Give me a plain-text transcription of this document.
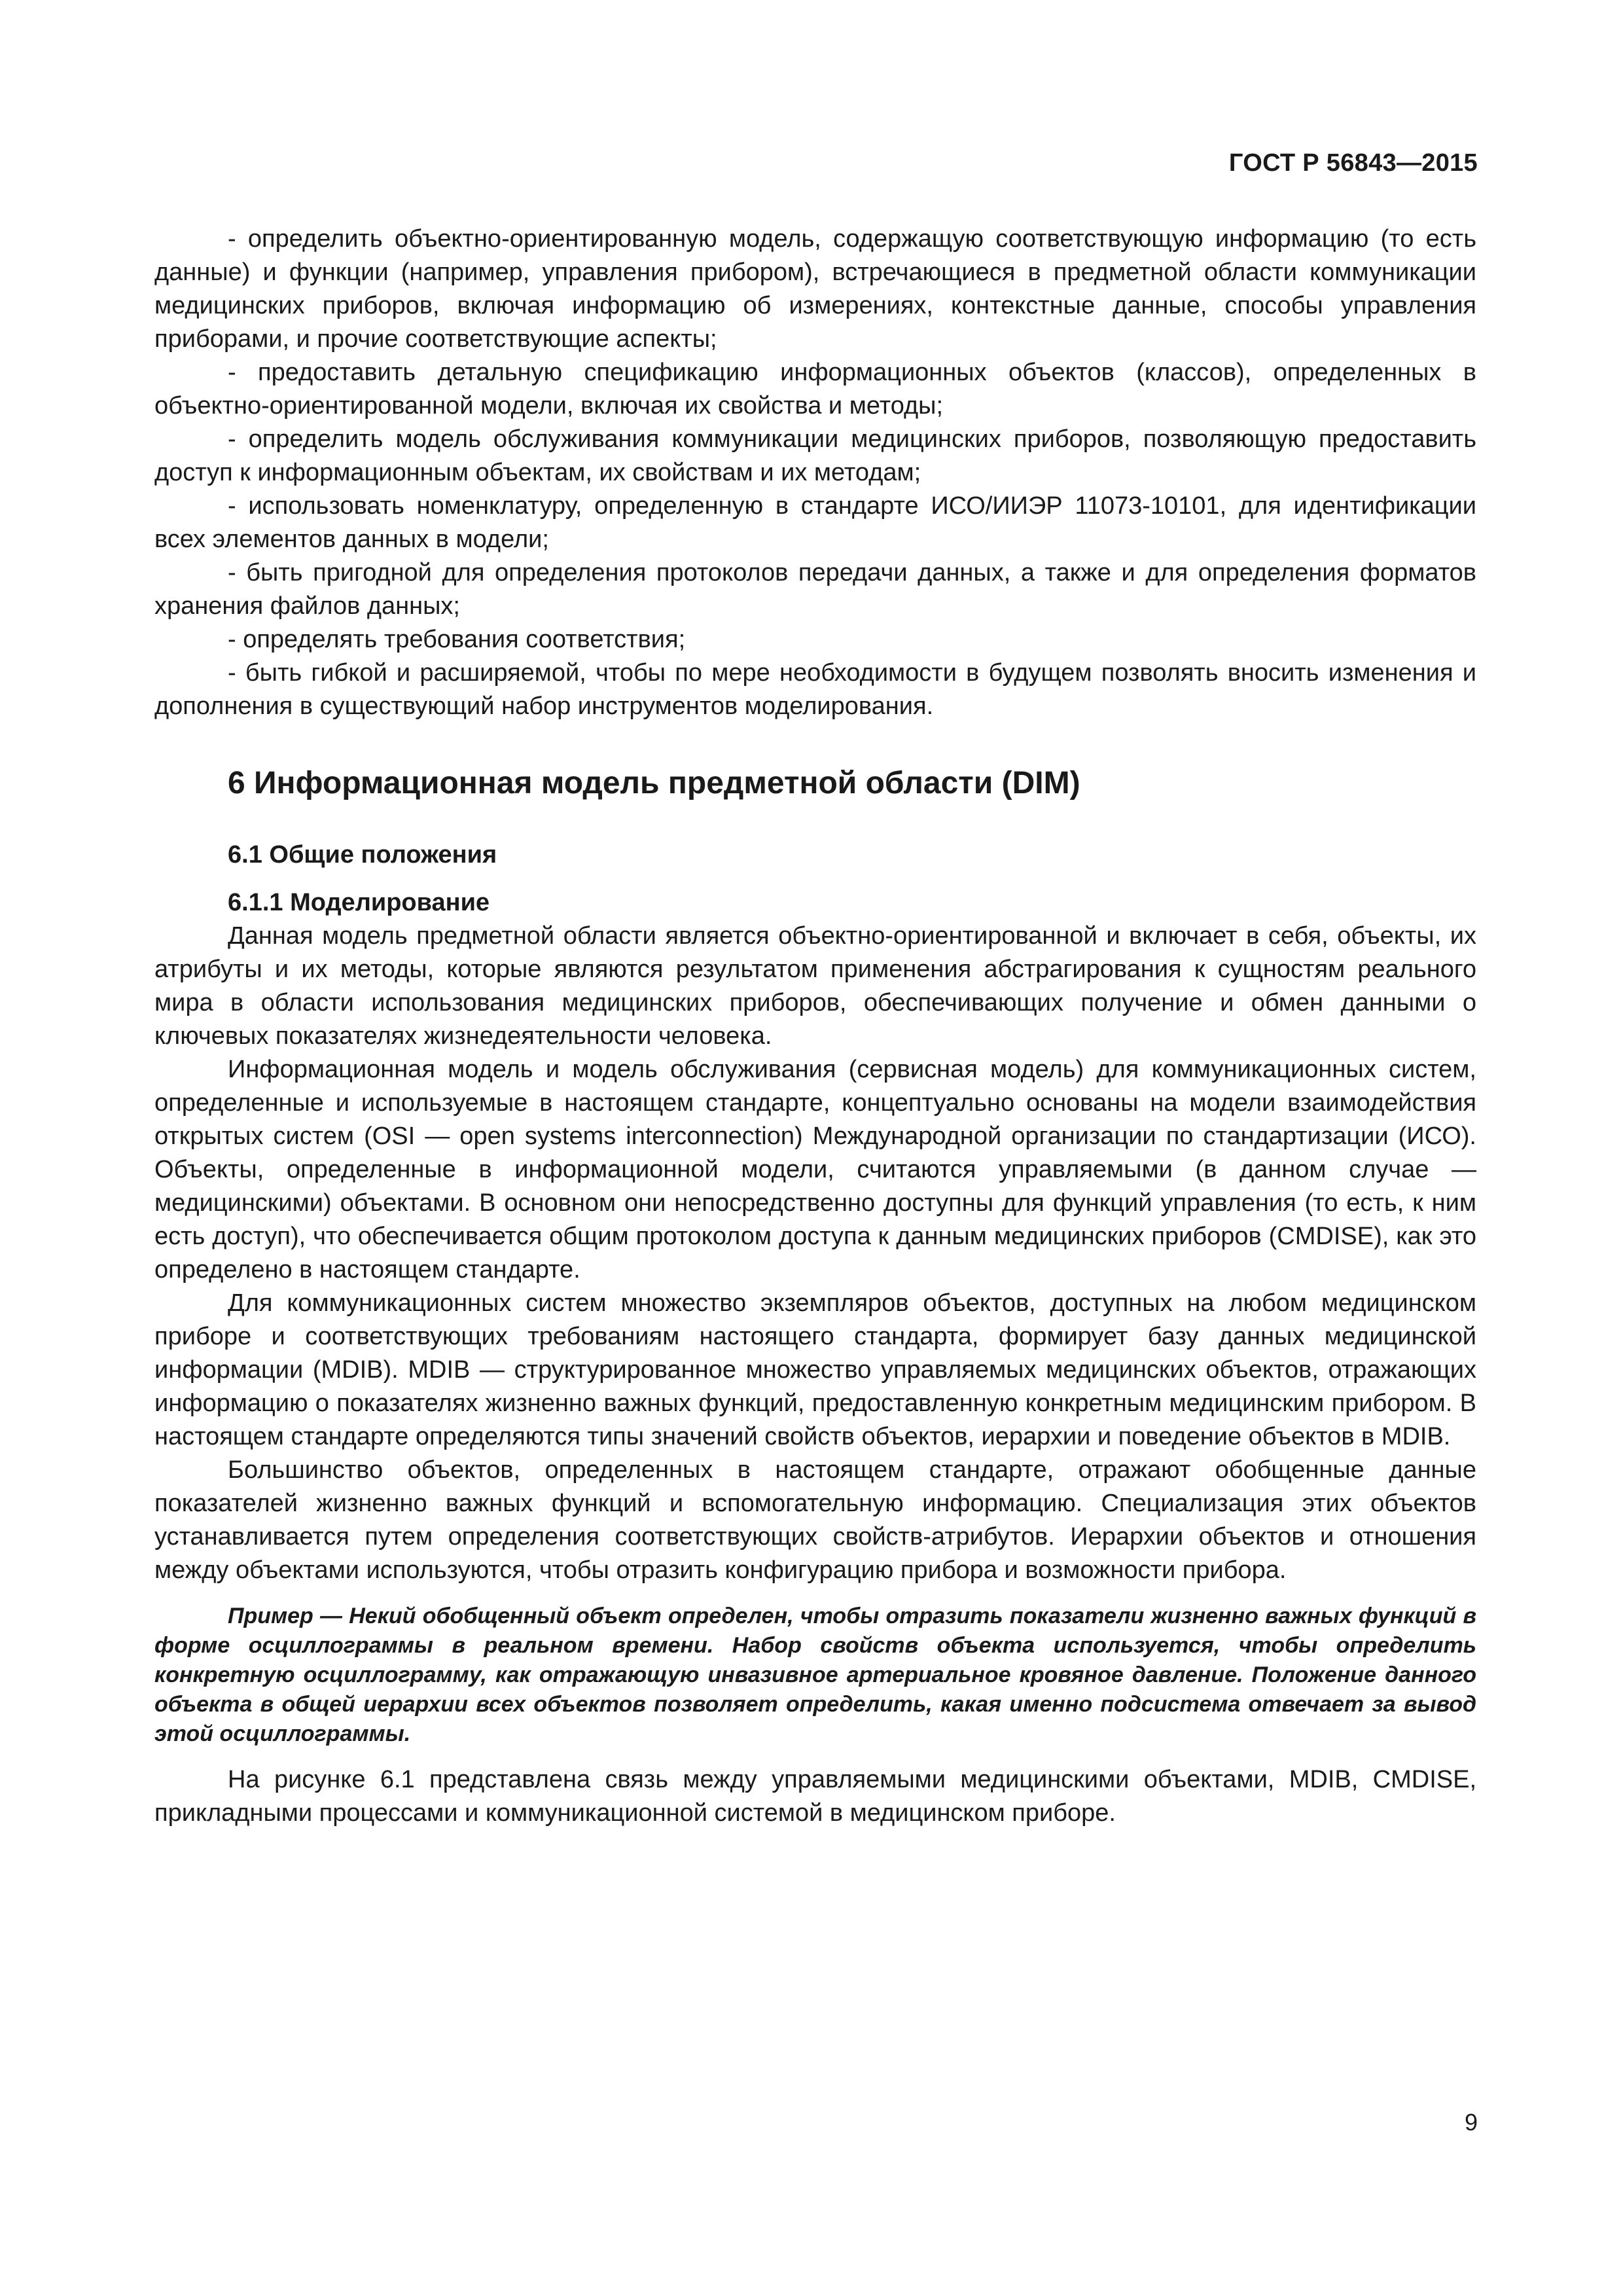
ГОСТ Р 56843—2015

- определить объектно-ориентированную модель, содержащую соответствующую информацию (то есть данные) и функции (например, управления прибором), встречающиеся в предметной области коммуникации медицинских приборов, включая информацию об измерениях, контекстные данные, способы управления приборами, и прочие соответствующие аспекты;

- предоставить детальную спецификацию информационных объектов (классов), определенных в объектно-ориентированной модели, включая их свойства и методы;

- определить модель обслуживания коммуникации медицинских приборов, позволяющую предоставить доступ к информационным объектам, их свойствам и их методам;

- использовать номенклатуру, определенную в стандарте ИСО/ИИЭР 11073-10101, для идентификации всех элементов данных в модели;

- быть пригодной для определения протоколов передачи данных, а также и для определения форматов хранения файлов данных;

- определять требования соответствия;

- быть гибкой и расширяемой, чтобы по мере необходимости в будущем позволять вносить изменения и дополнения в существующий набор инструментов моделирования.

6 Информационная модель предметной области (DIM)
6.1 Общие положения
6.1.1 Моделирование

Данная модель предметной области является объектно-ориентированной и включает в себя, объекты, их атрибуты и их методы, которые являются результатом применения абстрагирования к сущностям реального мира в области использования медицинских приборов, обеспечивающих получение и обмен данными о ключевых показателях жизнедеятельности человека.

Информационная модель и модель обслуживания (сервисная модель) для коммуникационных систем, определенные и используемые в настоящем стандарте, концептуально основаны на модели взаимодействия открытых систем (OSI — open systems interconnection) Международной организации по стандартизации (ИСО). Объекты, определенные в информационной модели, считаются управляемыми (в данном случае — медицинскими) объектами. В основном они непосредственно доступны для функций управления (то есть, к ним есть доступ), что обеспечивается общим протоколом доступа к данным медицинских приборов (CMDISE), как это определено в настоящем стандарте.

Для коммуникационных систем множество экземпляров объектов, доступных на любом медицинском приборе и соответствующих требованиям настоящего стандарта, формирует базу данных медицинской информации (MDIB). MDIB — структурированное множество управляемых медицинских объектов, отражающих информацию о показателях жизненно важных функций, предоставленную конкретным медицинским прибором. В настоящем стандарте определяются типы значений свойств объектов, иерархии и поведение объектов в MDIB.

Большинство объектов, определенных в настоящем стандарте, отражают обобщенные данные показателей жизненно важных функций и вспомогательную информацию. Специализация этих объектов устанавливается путем определения соответствующих свойств-атрибутов. Иерархии объектов и отношения между объектами используются, чтобы отразить конфигурацию прибора и возможности прибора.

Пример — Некий обобщенный объект определен, чтобы отразить показатели жизненно важных функций в форме осциллограммы в реальном времени. Набор свойств объекта используется, чтобы определить конкретную осциллограмму, как отражающую инвазивное артериальное кровяное давление. Положение данного объекта в общей иерархии всех объектов позволяет определить, какая именно подсистема отвечает за вывод этой осциллограммы.

На рисунке 6.1 представлена связь между управляемыми медицинскими объектами, MDIB, CMDISE, прикладными процессами и коммуникационной системой в медицинском приборе.

9
